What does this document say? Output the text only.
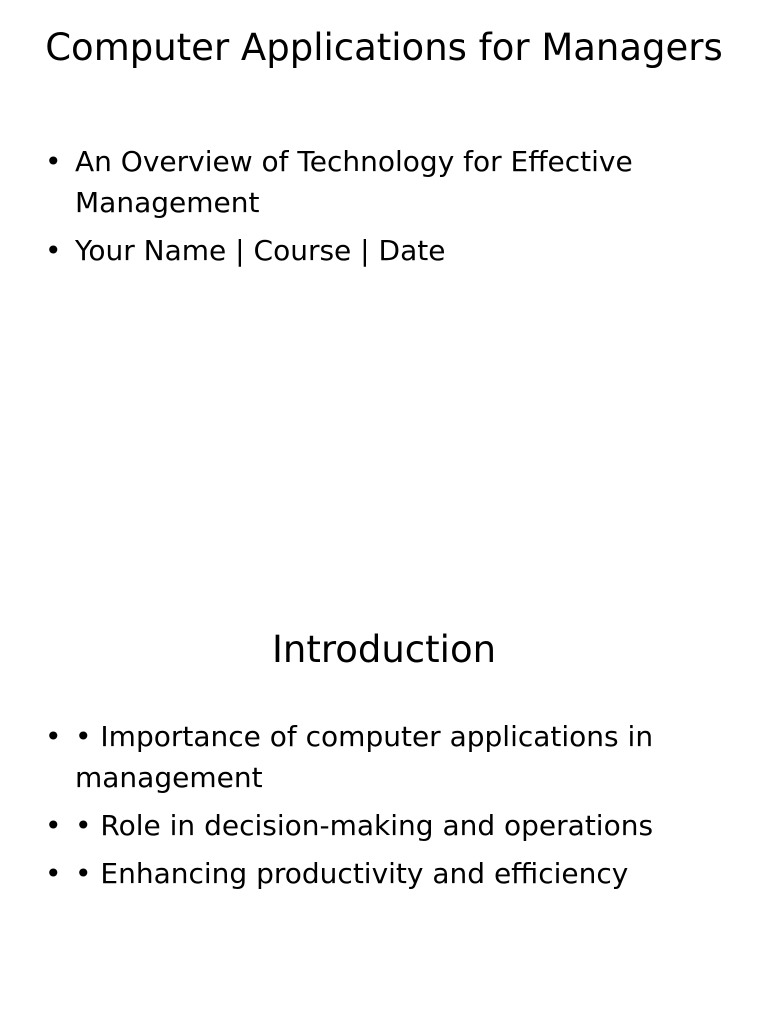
Computer Applications for Managers
• An Overview of Technology for Effective Management
• Your Name | Course | Date
Introduction
• • Importance of computer applications in management
• • Role in decision-making and operations
• • Enhancing productivity and efficiency
